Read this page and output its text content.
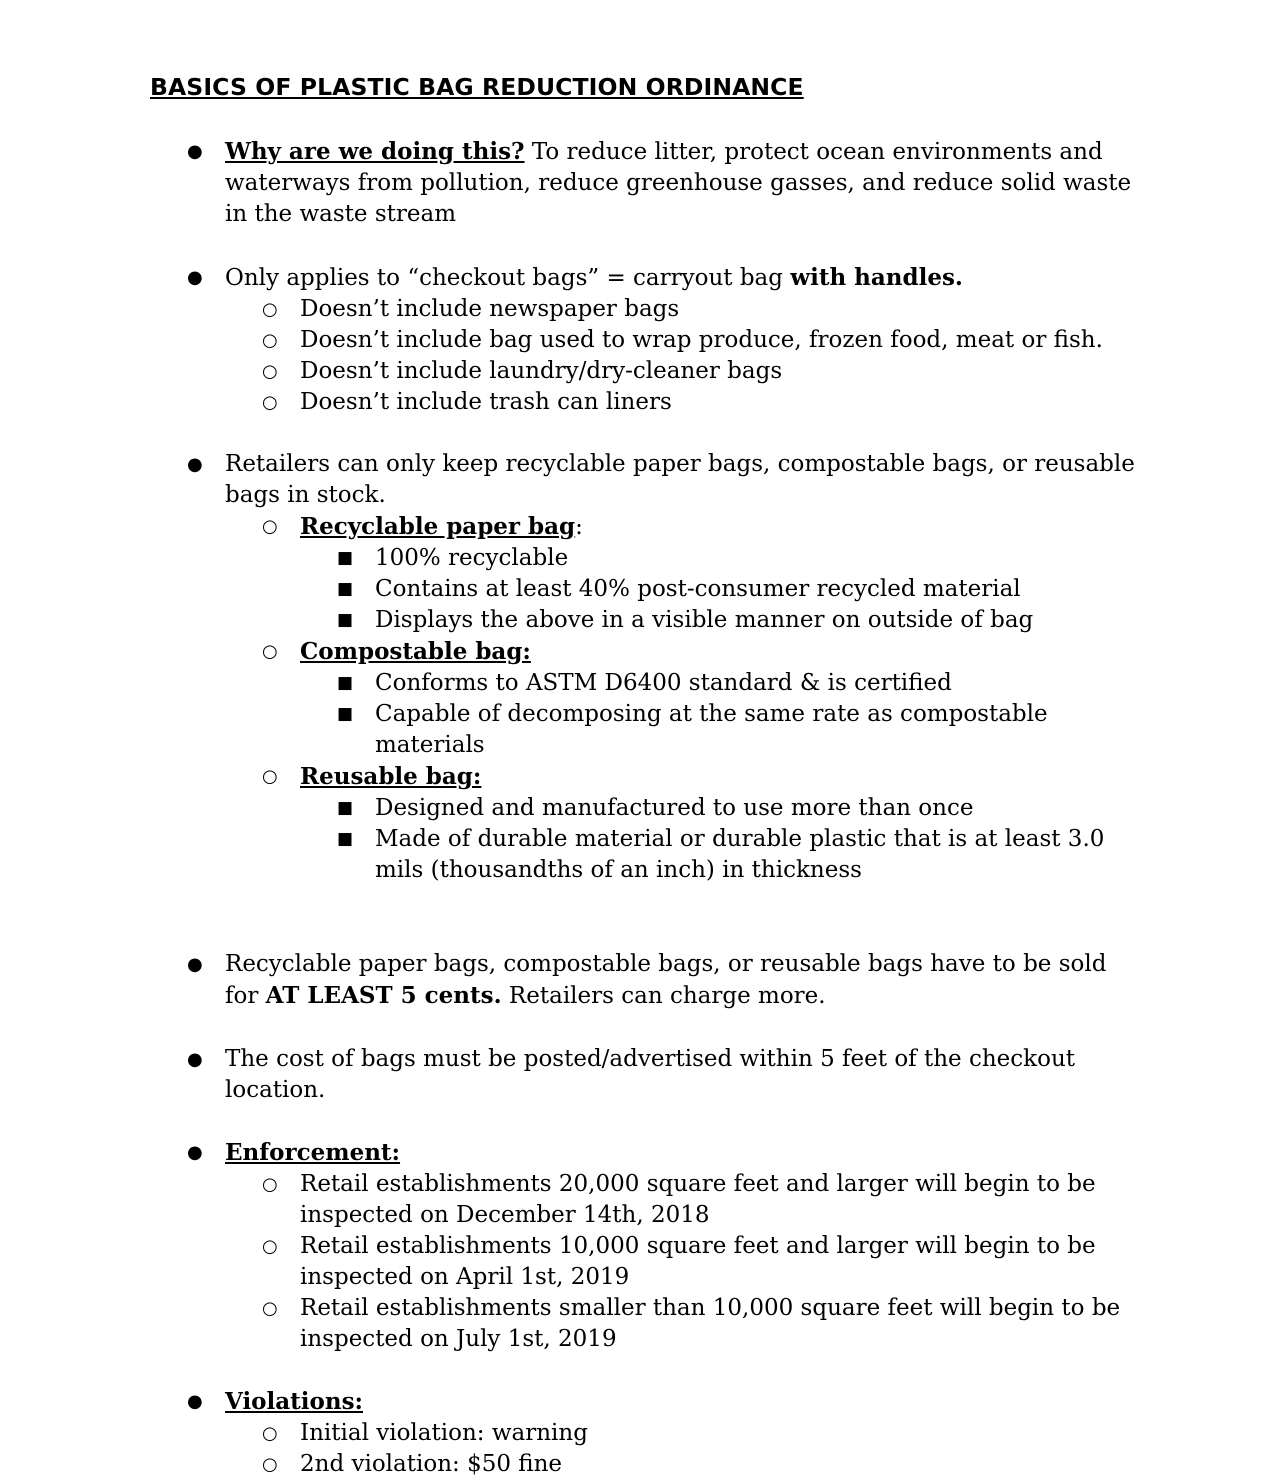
BASICS OF PLASTIC BAG REDUCTION ORDINANCE
● Why are we doing this? To reduce litter, protect ocean environments and waterways from pollution, reduce greenhouse gasses, and reduce solid waste in the waste stream
● Only applies to “checkout bags” = carryout bag with handles.
○ Doesn’t include newspaper bags
○ Doesn’t include bag used to wrap produce, frozen food, meat or fish.
○ Doesn’t include laundry/dry-cleaner bags
○ Doesn’t include trash can liners
● Retailers can only keep recyclable paper bags, compostable bags, or reusable bags in stock.
○ Recyclable paper bag:
■ 100% recyclable
■ Contains at least 40% post-consumer recycled material
■ Displays the above in a visible manner on outside of bag
○ Compostable bag:
■ Conforms to ASTM D6400 standard & is certified
■ Capable of decomposing at the same rate as compostable materials
○ Reusable bag:
■ Designed and manufactured to use more than once
■ Made of durable material or durable plastic that is at least 3.0 mils (thousandths of an inch) in thickness
● Recyclable paper bags, compostable bags, or reusable bags have to be sold for AT LEAST 5 cents. Retailers can charge more.
● The cost of bags must be posted/advertised within 5 feet of the checkout location.
● Enforcement:
○ Retail establishments 20,000 square feet and larger will begin to be inspected on December 14th, 2018
○ Retail establishments 10,000 square feet and larger will begin to be inspected on April 1st, 2019
○ Retail establishments smaller than 10,000 square feet will begin to be inspected on July 1st, 2019
● Violations:
○ Initial violation: warning
○ 2nd violation: $50 fine
